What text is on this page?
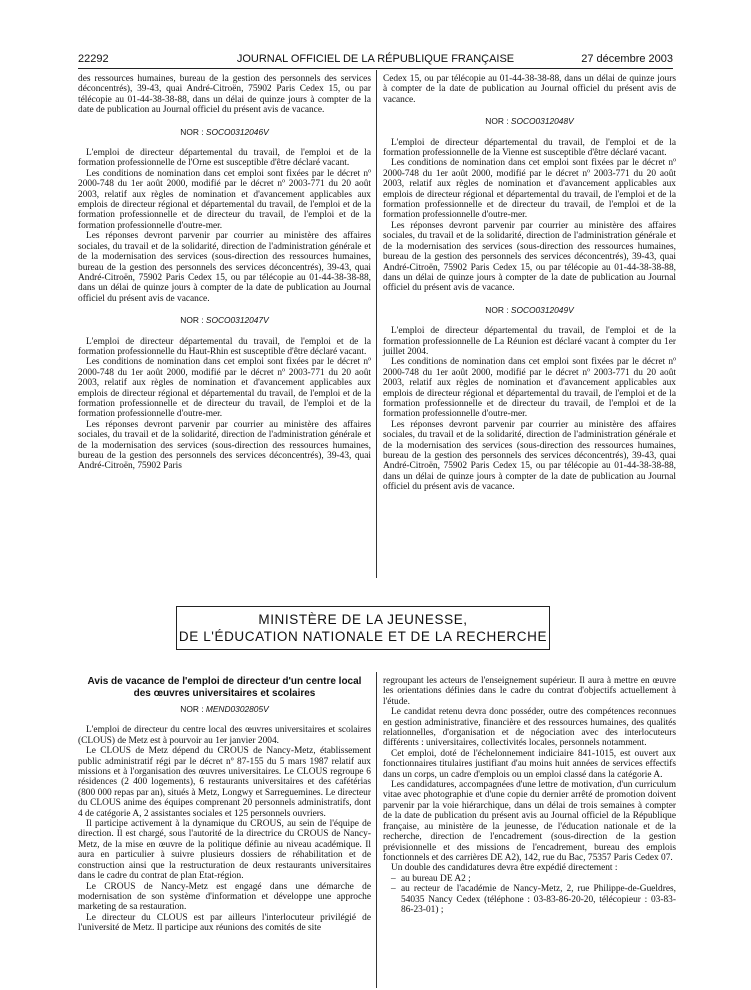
22292	JOURNAL OFFICIEL DE LA RÉPUBLIQUE FRANÇAISE	27 décembre 2003

des ressources humaines, bureau de la gestion des personnels des services déconcentrés), 39-43, quai André-Citroën, 75902 Paris Cedex 15, ou par télécopie au 01-44-38-38-88, dans un délai de quinze jours à compter de la date de publication au Journal officiel du présent avis de vacance.

NOR : SOCO0312046V

L'emploi de directeur départemental du travail, de l'emploi et de la formation professionnelle de l'Orne est susceptible d'être déclaré vacant.

Les conditions de nomination dans cet emploi sont fixées par le décret nº 2000-748 du 1er août 2000, modifié par le décret nº 2003-771 du 20 août 2003, relatif aux règles de nomination et d'avancement applicables aux emplois de directeur régional et départemental du travail, de l'emploi et de la formation professionnelle et de directeur du travail, de l'emploi et de la formation professionnelle d'outre-mer.

Les réponses devront parvenir par courrier au ministère des affaires sociales, du travail et de la solidarité, direction de l'administration générale et de la modernisation des services (sous-direction des ressources humaines, bureau de la gestion des personnels des services déconcentrés), 39-43, quai André-Citroën, 75902 Paris Cedex 15, ou par télécopie au 01-44-38-38-88, dans un délai de quinze jours à compter de la date de publication au Journal officiel du présent avis de vacance.

NOR : SOCO0312047V

L'emploi de directeur départemental du travail, de l'emploi et de la formation professionnelle du Haut-Rhin est susceptible d'être déclaré vacant.

Les conditions de nomination dans cet emploi sont fixées par le décret nº 2000-748 du 1er août 2000, modifié par le décret nº 2003-771 du 20 août 2003, relatif aux règles de nomination et d'avancement applicables aux emplois de directeur régional et départemental du travail, de l'emploi et de la formation professionnelle et de directeur du travail, de l'emploi et de la formation professionnelle d'outre-mer.

Les réponses devront parvenir par courrier au ministère des affaires sociales, du travail et de la solidarité, direction de l'administration générale et de la modernisation des services (sous-direction des ressources humaines, bureau de la gestion des personnels des services déconcentrés), 39-43, quai André-Citroën, 75902 Paris

Cedex 15, ou par télécopie au 01-44-38-38-88, dans un délai de quinze jours à compter de la date de publication au Journal officiel du présent avis de vacance.

NOR : SOCO0312048V

L'emploi de directeur départemental du travail, de l'emploi et de la formation professionnelle de la Vienne est susceptible d'être déclaré vacant.

Les conditions de nomination dans cet emploi sont fixées par le décret nº 2000-748 du 1er août 2000, modifié par le décret nº 2003-771 du 20 août 2003, relatif aux règles de nomination et d'avancement applicables aux emplois de directeur régional et départemental du travail, de l'emploi et de la formation professionnelle et de directeur du travail, de l'emploi et de la formation professionnelle d'outre-mer.

Les réponses devront parvenir par courrier au ministère des affaires sociales, du travail et de la solidarité, direction de l'administration générale et de la modernisation des services (sous-direction des ressources humaines, bureau de la gestion des personnels des services déconcentrés), 39-43, quai André-Citroën, 75902 Paris Cedex 15, ou par télécopie au 01-44-38-38-88, dans un délai de quinze jours à compter de la date de publication au Journal officiel du présent avis de vacance.

NOR : SOCO0312049V

L'emploi de directeur départemental du travail, de l'emploi et de la formation professionnelle de La Réunion est déclaré vacant à compter du 1er juillet 2004.

Les conditions de nomination dans cet emploi sont fixées par le décret nº 2000-748 du 1er août 2000, modifié par le décret nº 2003-771 du 20 août 2003, relatif aux règles de nomination et d'avancement applicables aux emplois de directeur régional et départemental du travail, de l'emploi et de la formation professionnelle et de directeur du travail, de l'emploi et de la formation professionnelle d'outre-mer.

Les réponses devront parvenir par courrier au ministère des affaires sociales, du travail et de la solidarité, direction de l'administration générale et de la modernisation des services (sous-direction des ressources humaines, bureau de la gestion des personnels des services déconcentrés), 39-43, quai André-Citroën, 75902 Paris Cedex 15, ou par télécopie au 01-44-38-38-88, dans un délai de quinze jours à compter de la date de publication au Journal officiel du présent avis de vacance.

MINISTÈRE DE LA JEUNESSE,
DE L'ÉDUCATION NATIONALE ET DE LA RECHERCHE

Avis de vacance de l'emploi de directeur d'un centre local des œuvres universitaires et scolaires

NOR : MEND0302805V

L'emploi de directeur du centre local des œuvres universitaires et scolaires (CLOUS) de Metz est à pourvoir au 1er janvier 2004.

Le CLOUS de Metz dépend du CROUS de Nancy-Metz, établissement public administratif régi par le décret nº 87-155 du 5 mars 1987 relatif aux missions et à l'organisation des œuvres universitaires. Le CLOUS regroupe 6 résidences (2 400 logements), 6 restaurants universitaires et des cafétérias (800 000 repas par an), situés à Metz, Longwy et Sarreguemines. Le directeur du CLOUS anime des équipes comprenant 20 personnels administratifs, dont 4 de catégorie A, 2 assistantes sociales et 125 personnels ouvriers.

Il participe activement à la dynamique du CROUS, au sein de l'équipe de direction. Il est chargé, sous l'autorité de la directrice du CROUS de Nancy-Metz, de la mise en œuvre de la politique définie au niveau académique. Il aura en particulier à suivre plusieurs dossiers de réhabilitation et de construction ainsi que la restructuration de deux restaurants universitaires dans le cadre du contrat de plan Etat-région.

Le CROUS de Nancy-Metz est engagé dans une démarche de modernisation de son système d'information et développe une approche marketing de sa restauration.

Le directeur du CLOUS est par ailleurs l'interlocuteur privilégié de l'université de Metz. Il participe aux réunions des comités de site

regroupant les acteurs de l'enseignement supérieur. Il aura à mettre en œuvre les orientations définies dans le cadre du contrat d'objectifs actuellement à l'étude.

Le candidat retenu devra donc posséder, outre des compétences reconnues en gestion administrative, financière et des ressources humaines, des qualités relationnelles, d'organisation et de négociation avec des interlocuteurs différents : universitaires, collectivités locales, personnels notamment.

Cet emploi, doté de l'échelonnement indiciaire 841-1015, est ouvert aux fonctionnaires titulaires justifiant d'au moins huit années de services effectifs dans un corps, un cadre d'emplois ou un emploi classé dans la catégorie A.

Les candidatures, accompagnées d'une lettre de motivation, d'un curriculum vitae avec photographie et d'une copie du dernier arrêté de promotion doivent parvenir par la voie hiérarchique, dans un délai de trois semaines à compter de la date de publication du présent avis au Journal officiel de la République française, au ministère de la jeunesse, de l'éducation nationale et de la recherche, direction de l'encadrement (sous-direction de la gestion prévisionnelle et des missions de l'encadrement, bureau des emplois fonctionnels et des carrières DE A2), 142, rue du Bac, 75357 Paris Cedex 07.

Un double des candidatures devra être expédié directement :

– au bureau DE A2 ;

– au recteur de l'académie de Nancy-Metz, 2, rue Philippe-de-Gueldres, 54035 Nancy Cedex (téléphone : 03-83-86-20-20, télécopieur : 03-83-86-23-01) ;
